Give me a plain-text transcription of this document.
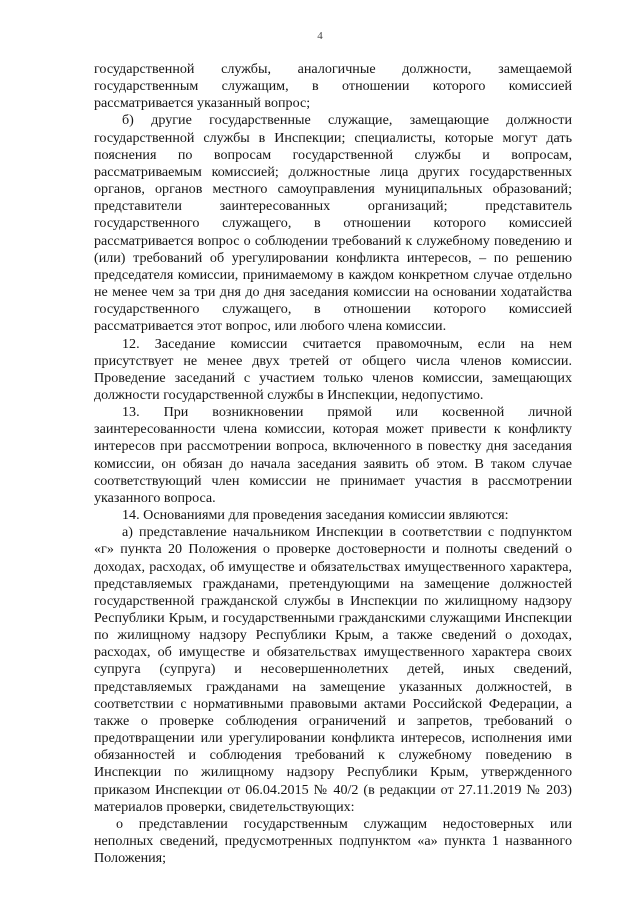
4

государственной службы, аналогичные должности, замещаемой государственным служащим, в отношении которого комиссией рассматривается указанный вопрос;

б) другие государственные служащие, замещающие должности государственной службы в Инспекции; специалисты, которые могут дать пояснения по вопросам государственной службы и вопросам, рассматриваемым комиссией; должностные лица других государственных органов, органов местного самоуправления муниципальных образований; представители заинтересованных организаций; представитель государственного служащего, в отношении которого комиссией рассматривается вопрос о соблюдении требований к служебному поведению и (или) требований об урегулировании конфликта интересов, – по решению председателя комиссии, принимаемому в каждом конкретном случае отдельно не менее чем за три дня до дня заседания комиссии на основании ходатайства государственного служащего, в отношении которого комиссией рассматривается этот вопрос, или любого члена комиссии.

12. Заседание комиссии считается правомочным, если на нем присутствует не менее двух третей от общего числа членов комиссии. Проведение заседаний с участием только членов комиссии, замещающих должности государственной службы в Инспекции, недопустимо.

13. При возникновении прямой или косвенной личной заинтересованности члена комиссии, которая может привести к конфликту интересов при рассмотрении вопроса, включенного в повестку дня заседания комиссии, он обязан до начала заседания заявить об этом. В таком случае соответствующий член комиссии не принимает участия в рассмотрении указанного вопроса.

14. Основаниями для проведения заседания комиссии являются:

а) представление начальником Инспекции в соответствии с подпунктом «г» пункта 20 Положения о проверке достоверности и полноты сведений о доходах, расходах, об имуществе и обязательствах имущественного характера, представляемых гражданами, претендующими на замещение должностей государственной гражданской службы в Инспекции по жилищному надзору Республики Крым, и государственными гражданскими служащими Инспекции по жилищному надзору Республики Крым, а также сведений о доходах, расходах, об имуществе и обязательствах имущественного характера своих супруга (супруга) и несовершеннолетних детей, иных сведений, представляемых гражданами на замещение указанных должностей, в соответствии с нормативными правовыми актами Российской Федерации, а также о проверке соблюдения ограничений и запретов, требований о предотвращении или урегулировании конфликта интересов, исполнения ими обязанностей и соблюдения требований к служебному поведению в Инспекции по жилищному надзору Республики Крым, утвержденного приказом Инспекции от 06.04.2015 № 40/2 (в редакции от 27.11.2019 № 203) материалов проверки, свидетельствующих:

о представлении государственным служащим недостоверных или неполных сведений, предусмотренных подпунктом «а» пункта 1 названного Положения;
